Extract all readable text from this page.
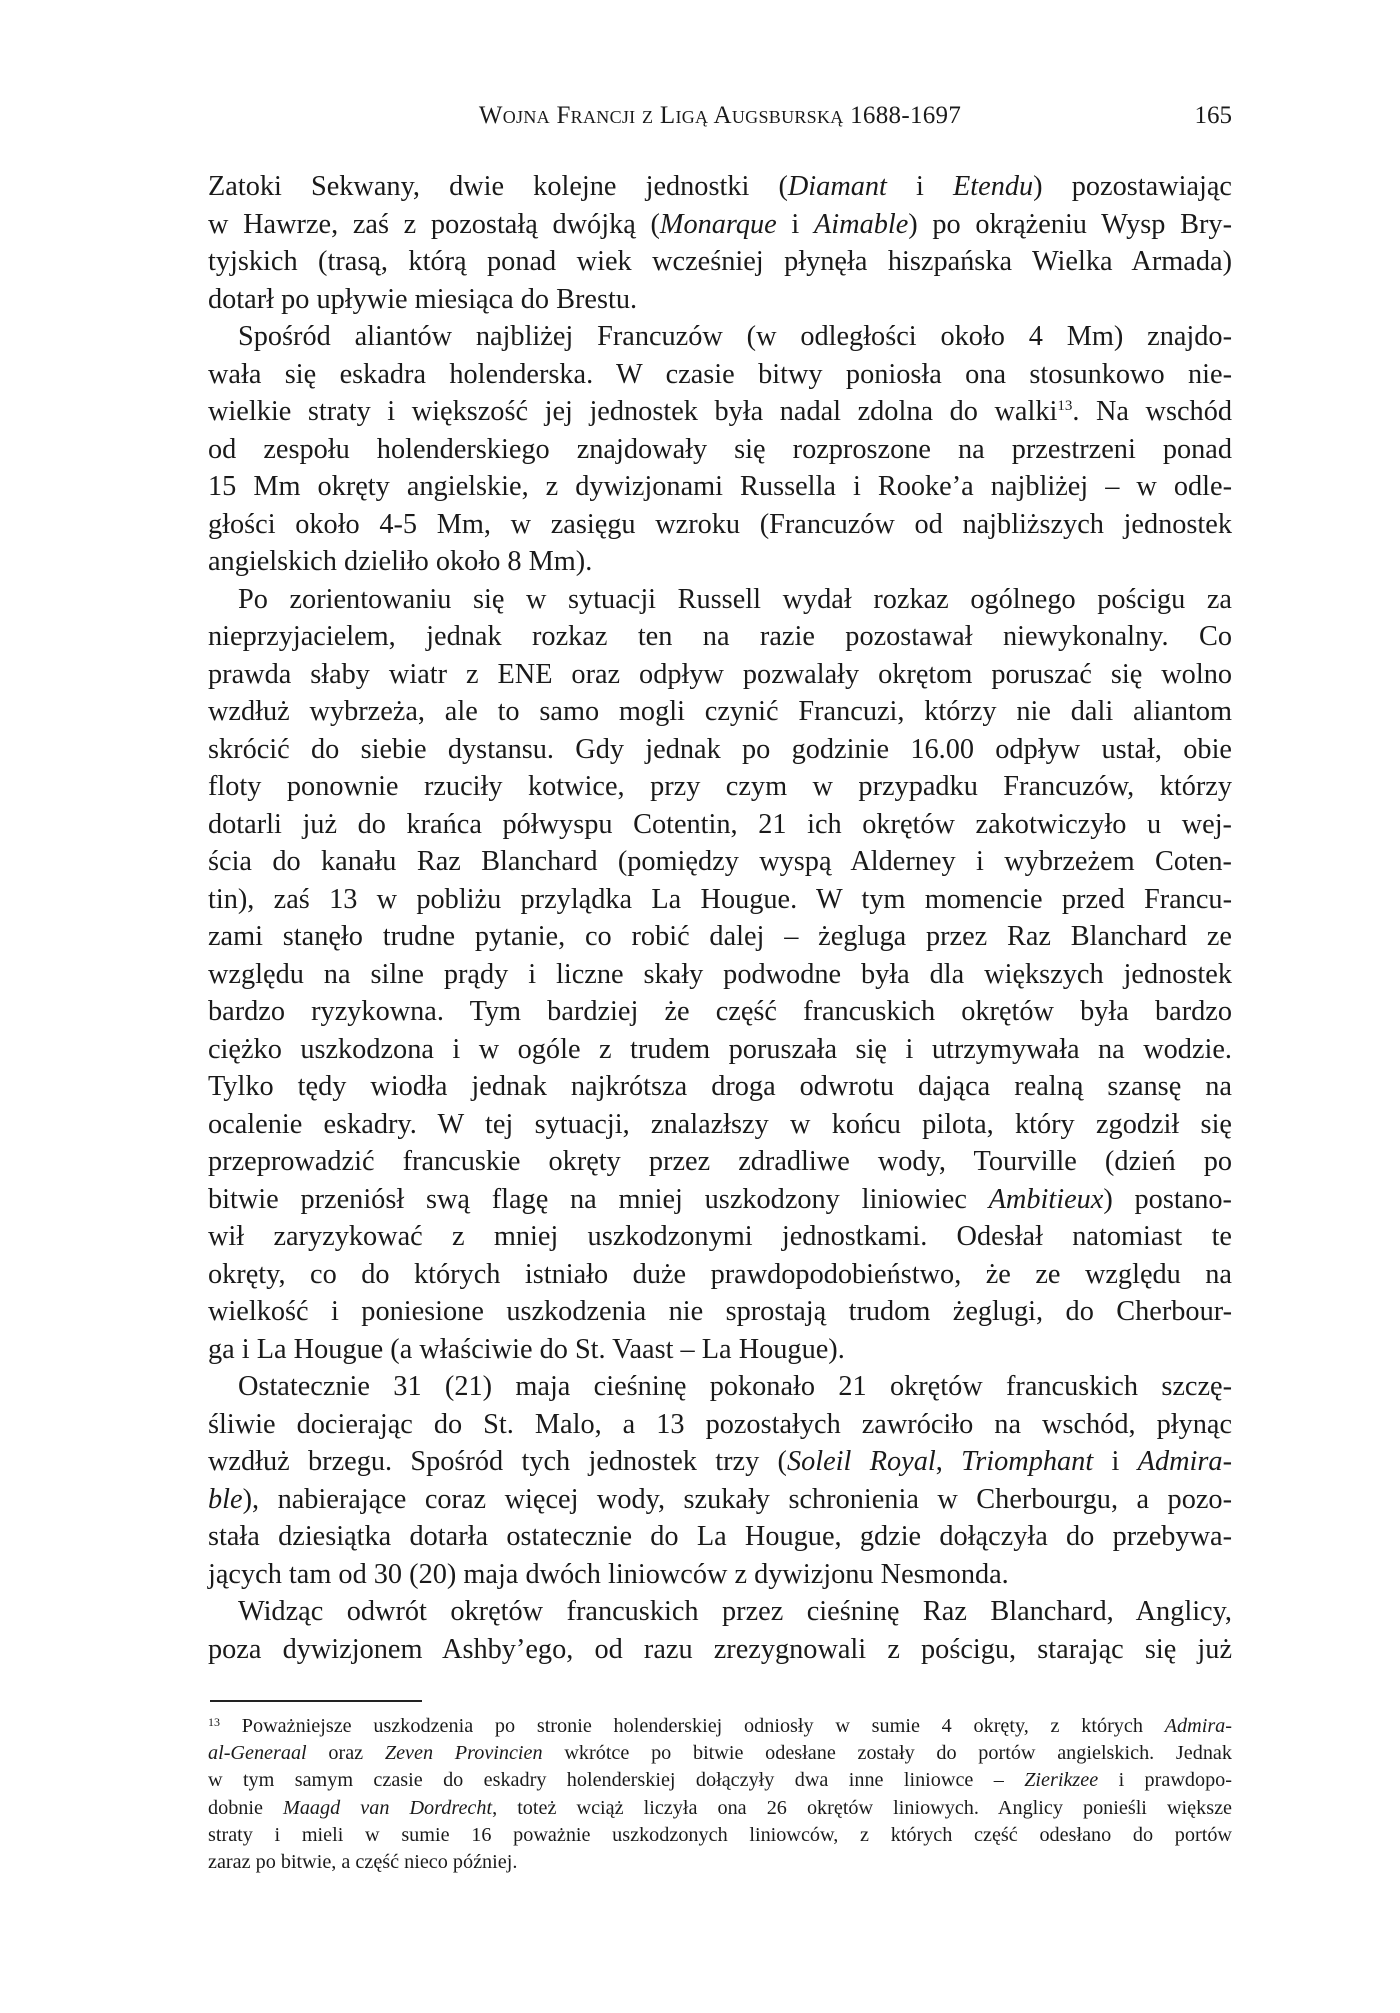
Wojna Francji z Ligą Augsburską 1688-1697	165
Zatoki Sekwany, dwie kolejne jednostki (Diamant i Etendu) pozostawiając
w Hawrze, zaś z pozostałą dwójką (Monarque i Aimable) po okrążeniu Wysp Bry-
tyjskich (trasą, którą ponad wiek wcześniej płynęła hiszpańska Wielka Armada)
dotarł po upływie miesiąca do Brestu.
Spośród aliantów najbliżej Francuzów (w odległości około 4 Mm) znajdo-
wała się eskadra holenderska. W czasie bitwy poniosła ona stosunkowo nie-
wielkie straty i większość jej jednostek była nadal zdolna do walki$^{13}$. Na wschód
od zespołu holenderskiego znajdowały się rozproszone na przestrzeni ponad
15 Mm okręty angielskie, z dywizjonami Russella i Rooke’a najbliżej – w odle-
głości około 4-5 Mm, w zasięgu wzroku (Francuzów od najbliższych jednostek
angielskich dzieliło około 8 Mm).
Po zorientowaniu się w sytuacji Russell wydał rozkaz ogólnego pościgu za
nieprzyjacielem, jednak rozkaz ten na razie pozostawał niewykonalny. Co
prawda słaby wiatr z ENE oraz odpływ pozwalały okrętom poruszać się wolno
wzdłuż wybrzeża, ale to samo mogli czynić Francuzi, którzy nie dali aliantom
skrócić do siebie dystansu. Gdy jednak po godzinie 16.00 odpływ ustał, obie
floty ponownie rzuciły kotwice, przy czym w przypadku Francuzów, którzy
dotarli już do krańca półwyspu Cotentin, 21 ich okrętów zakotwiczyło u wej-
ścia do kanału Raz Blanchard (pomiędzy wyspą Alderney i wybrzeżem Coten-
tin), zaś 13 w pobliżu przylądka La Hougue. W tym momencie przed Francu-
zami stanęło trudne pytanie, co robić dalej – żegluga przez Raz Blanchard ze
względu na silne prądy i liczne skały podwodne była dla większych jednostek
bardzo ryzykowna. Tym bardziej że część francuskich okrętów była bardzo
ciężko uszkodzona i w ogóle z trudem poruszała się i utrzymywała na wodzie.
Tylko tędy wiodła jednak najkrótsza droga odwrotu dająca realną szansę na
ocalenie eskadry. W tej sytuacji, znalazłszy w końcu pilota, który zgodził się
przeprowadzić francuskie okręty przez zdradliwe wody, Tourville (dzień po
bitwie przeniósł swą flagę na mniej uszkodzony liniowiec Ambitieux) postano-
wił zaryzykować z mniej uszkodzonymi jednostkami. Odesłał natomiast te
okręty, co do których istniało duże prawdopodobieństwo, że ze względu na
wielkość i poniesione uszkodzenia nie sprostają trudom żeglugi, do Cherbour-
ga i La Hougue (a właściwie do St. Vaast – La Hougue).
Ostatecznie 31 (21) maja cieśninę pokonało 21 okrętów francuskich szczę-
śliwie docierając do St. Malo, a 13 pozostałych zawróciło na wschód, płynąc
wzdłuż brzegu. Spośród tych jednostek trzy (Soleil Royal, Triomphant i Admira-
ble), nabierające coraz więcej wody, szukały schronienia w Cherbourgu, a pozo-
stała dziesiątka dotarła ostatecznie do La Hougue, gdzie dołączyła do przebywa-
jących tam od 30 (20) maja dwóch liniowców z dywizjonu Nesmonda.
Widząc odwrót okrętów francuskich przez cieśninę Raz Blanchard, Anglicy,
poza dywizjonem Ashby’ego, od razu zrezygnowali z pościgu, starając się już
$^{13}$ Poważniejsze uszkodzenia po stronie holenderskiej odniosły w sumie 4 okręty, z których Admira-
al-Generaal oraz Zeven Provincien wkrótce po bitwie odesłane zostały do portów angielskich. Jednak
w tym samym czasie do eskadry holenderskiej dołączyły dwa inne liniowce – Zierikzee i prawdopo-
dobnie Maagd van Dordrecht, toteż wciąż liczyła ona 26 okrętów liniowych. Anglicy ponieśli większe
straty i mieli w sumie 16 poważnie uszkodzonych liniowców, z których część odesłano do portów
zaraz po bitwie, a część nieco później.
